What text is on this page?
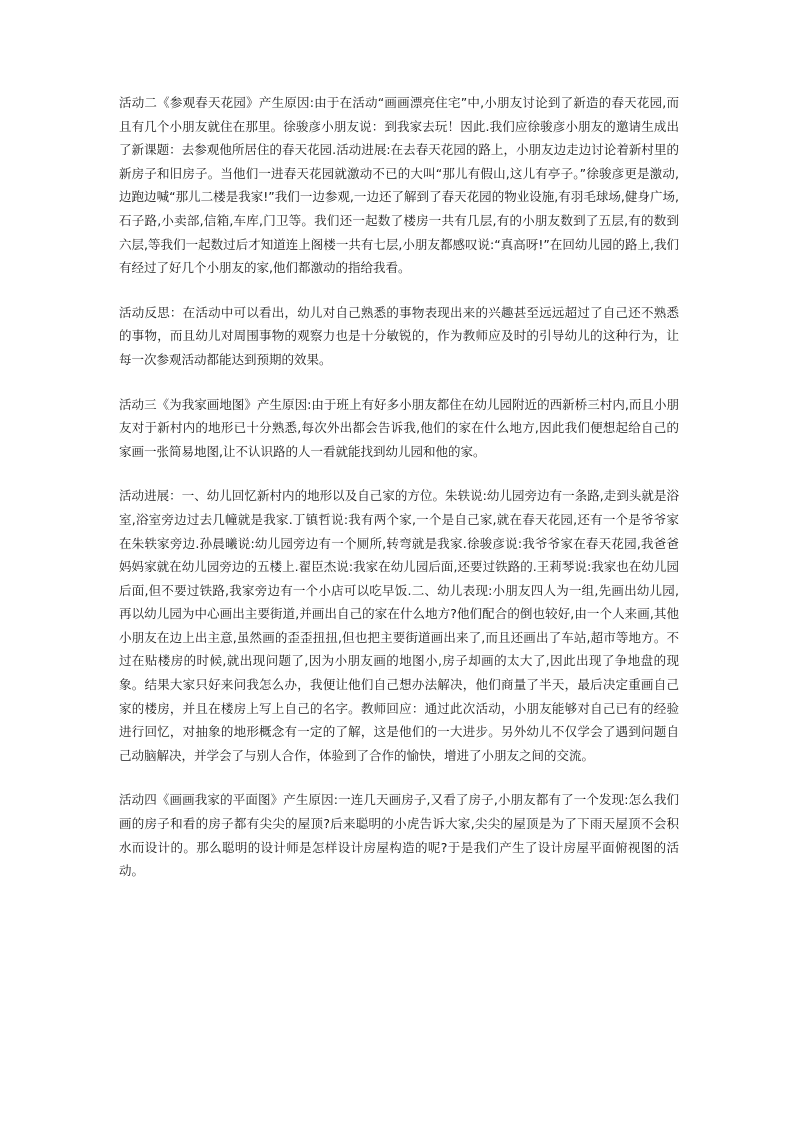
活动二《参观春天花园》产生原因:由于在活动“画画漂亮住宅”中,小朋友讨论到了新造的春天花园,而且有几个小朋友就住在那里。徐骏彦小朋友说：到我家去玩！因此.我们应徐骏彦小朋友的邀请生成出了新课题：去参观他所居住的春天花园.活动进展:在去春天花园的路上，小朋友边走边讨论着新村里的新房子和旧房子。当他们一进春天花园就激动不已的大叫“那儿有假山,这儿有亭子。”徐骏彦更是激动,边跑边喊“那儿二楼是我家!”我们一边参观,一边还了解到了春天花园的物业设施,有羽毛球场,健身广场,石子路,小卖部,信箱,车库,门卫等。我们还一起数了楼房一共有几层,有的小朋友数到了五层,有的数到六层,等我们一起数过后才知道连上阁楼一共有七层,小朋友都感叹说:“真高呀!”在回幼儿园的路上,我们有经过了好几个小朋友的家,他们都激动的指给我看。

活动反思：在活动中可以看出，幼儿对自己熟悉的事物表现出来的兴趣甚至远远超过了自己还不熟悉的事物，而且幼儿对周围事物的观察力也是十分敏锐的，作为教师应及时的引导幼儿的这种行为，让每一次参观活动都能达到预期的效果。

活动三《为我家画地图》产生原因:由于班上有好多小朋友都住在幼儿园附近的西新桥三村内,而且小朋友对于新村内的地形已十分熟悉,每次外出都会告诉我,他们的家在什么地方,因此我们便想起给自己的家画一张简易地图,让不认识路的人一看就能找到幼儿园和他的家。

活动进展：一、幼儿回忆新村内的地形以及自己家的方位。朱轶说:幼儿园旁边有一条路,走到头就是浴室,浴室旁边过去几幢就是我家.丁镇哲说:我有两个家,一个是自己家,就在春天花园,还有一个是爷爷家在朱轶家旁边.孙晨曦说:幼儿园旁边有一个厕所,转弯就是我家.徐骏彦说:我爷爷家在春天花园,我爸爸妈妈家就在幼儿园旁边的五楼上.翟臣杰说:我家在幼儿园后面,还要过铁路的.王莉琴说:我家也在幼儿园后面,但不要过铁路,我家旁边有一个小店可以吃早饭.二、幼儿表现:小朋友四人为一组,先画出幼儿园,再以幼儿园为中心画出主要街道,并画出自己的家在什么地方?他们配合的倒也较好,由一个人来画,其他小朋友在边上出主意,虽然画的歪歪扭扭,但也把主要街道画出来了,而且还画出了车站,超市等地方。不过在贴楼房的时候,就出现问题了,因为小朋友画的地图小,房子却画的太大了,因此出现了争地盘的现象。结果大家只好来问我怎么办，我便让他们自己想办法解决，他们商量了半天，最后决定重画自己家的楼房，并且在楼房上写上自己的名字。教师回应：通过此次活动，小朋友能够对自己已有的经验进行回忆，对抽象的地形概念有一定的了解，这是他们的一大进步。另外幼儿不仅学会了遇到问题自己动脑解决，并学会了与别人合作，体验到了合作的愉快，增进了小朋友之间的交流。

活动四《画画我家的平面图》产生原因:一连几天画房子,又看了房子,小朋友都有了一个发现:怎么我们画的房子和看的房子都有尖尖的屋顶?后来聪明的小虎告诉大家,尖尖的屋顶是为了下雨天屋顶不会积水而设计的。那么聪明的设计师是怎样设计房屋构造的呢?于是我们产生了设计房屋平面俯视图的活动。
